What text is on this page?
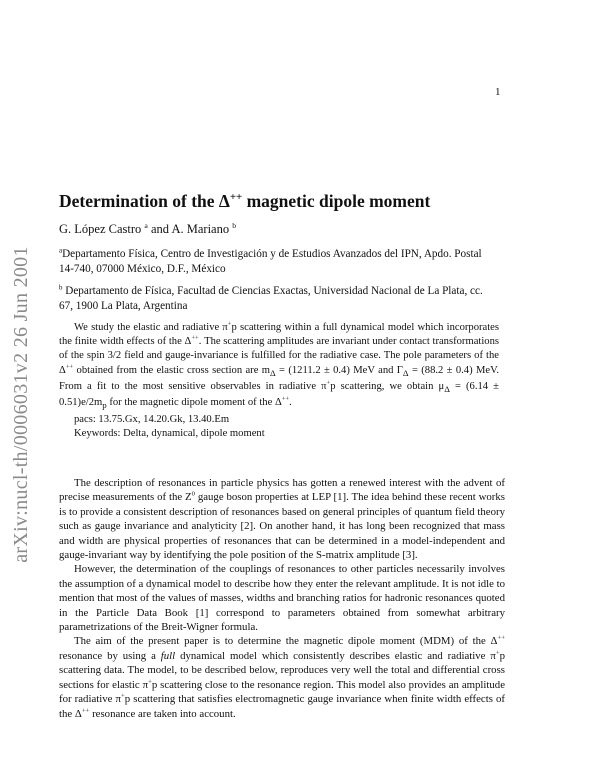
1
arXiv:nucl-th/0006031v2 26 Jun 2001
Determination of the Δ++ magnetic dipole moment
G. López Castro $^a$ and A. Mariano $^b$
$^a$Departamento Física, Centro de Investigación y de Estudios Avanzados del IPN, Apdo. Postal 14-740, 07000 México, D.F., México
$^b$ Departamento de Física, Facultad de Ciencias Exactas, Universidad Nacional de La Plata, cc. 67, 1900 La Plata, Argentina

We study the elastic and radiative π+p scattering within a full dynamical model which incorporates the finite width effects of the Δ++. The scattering amplitudes are invariant under contact transformations of the spin 3/2 field and gauge-invariance is fulfilled for the radiative case. The pole parameters of the Δ++ obtained from the elastic cross section are $m_\Delta = (1211.2 \pm 0.4)$ MeV and $\Gamma_\Delta = (88.2 \pm 0.4)$ MeV. From a fit to the most sensitive observables in radiative π+p scattering, we obtain $\mu_\Delta = (6.14 \pm 0.51)e/2m_p$ for the magnetic dipole moment of the Δ++.

pacs: 13.75.Gx, 14.20.Gk, 13.40.Em
Keywords: Delta, dynamical, dipole moment

The description of resonances in particle physics has gotten a renewed interest with the advent of precise measurements of the $Z^0$ gauge boson properties at LEP [1]. The idea behind these recent works is to provide a consistent description of resonances based on general principles of quantum field theory such as gauge invariance and analyticity [2]. On another hand, it has long been recognized that mass and width are physical properties of resonances that can be determined in a model-independent and gauge-invariant way by identifying the pole position of the S-matrix amplitude [3].

However, the determination of the couplings of resonances to other particles necessarily involves the assumption of a dynamical model to describe how they enter the relevant amplitude. It is not idle to mention that most of the values of masses, widths and branching ratios for hadronic resonances quoted in the Particle Data Book [1] correspond to parameters obtained from somewhat arbitrary parametrizations of the Breit-Wigner formula.

The aim of the present paper is to determine the magnetic dipole moment (MDM) of the Δ++ resonance by using a full dynamical model which consistently describes elastic and radiative π+p scattering data. The model, to be described below, reproduces very well the total and differential cross sections for elastic π+p scattering close to the resonance region. This model also provides an amplitude for radiative π+p scattering that satisfies electromagnetic gauge invariance when finite width effects of the Δ++ resonance are taken into account.
